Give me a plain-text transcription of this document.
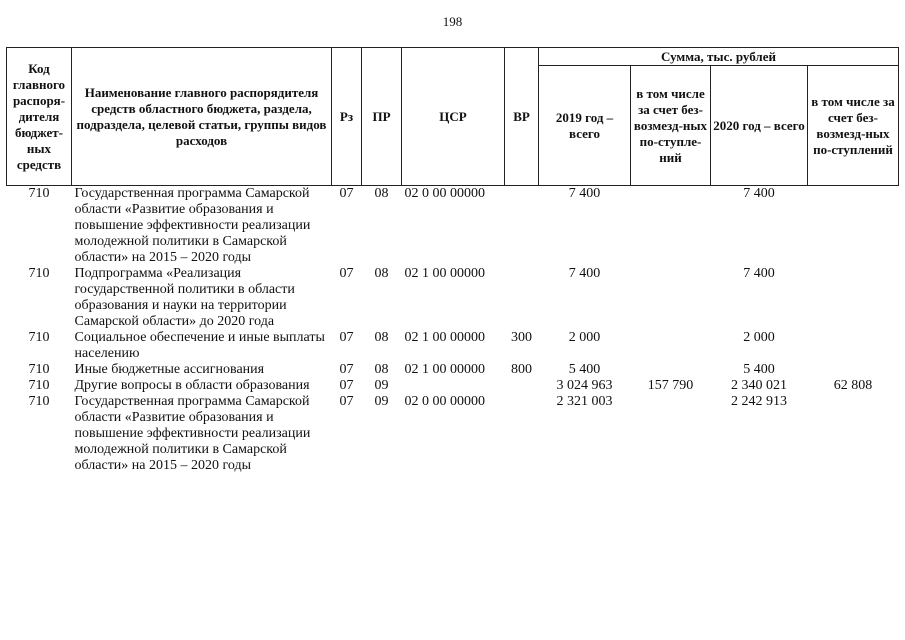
198
Код главного распоря-дителя бюджет-ных средств	Наименование главного распорядителя средств областного бюджета, раздела, подраздела, целевой статьи, группы видов расходов	Рз	ПР	ЦСР	ВР	Сумма, тыс. рублей			
						2019 год – всего	в том числе за счет без-возмезд-ных по-ступле-ний	2020 год – всего	в том числе за счет без-возмезд-ных по-ступлений
710	Государственная программа Самарской области «Развитие образования и повышение эффективности реализации молодежной политики в Самарской области» на 2015 – 2020 годы	07	08	02 0 00 00000		7 400		7 400	
710	Подпрограмма «Реализация государственной политики в области образования и науки на территории Самарской области» до 2020 года	07	08	02 1 00 00000		7 400		7 400	
710	Социальное обеспечение и иные выплаты населению	07	08	02 1 00 00000	300	2 000		2 000	
710	Иные бюджетные ассигнования	07	08	02 1 00 00000	800	5 400		5 400	
710	Другие вопросы в области образования	07	09			3 024 963	157 790	2 340 021	62 808
710	Государственная программа Самарской области «Развитие образования и повышение эффективности реализации молодежной политики в Самарской области» на 2015 – 2020 годы	07	09	02 0 00 00000		2 321 003		2 242 913	
